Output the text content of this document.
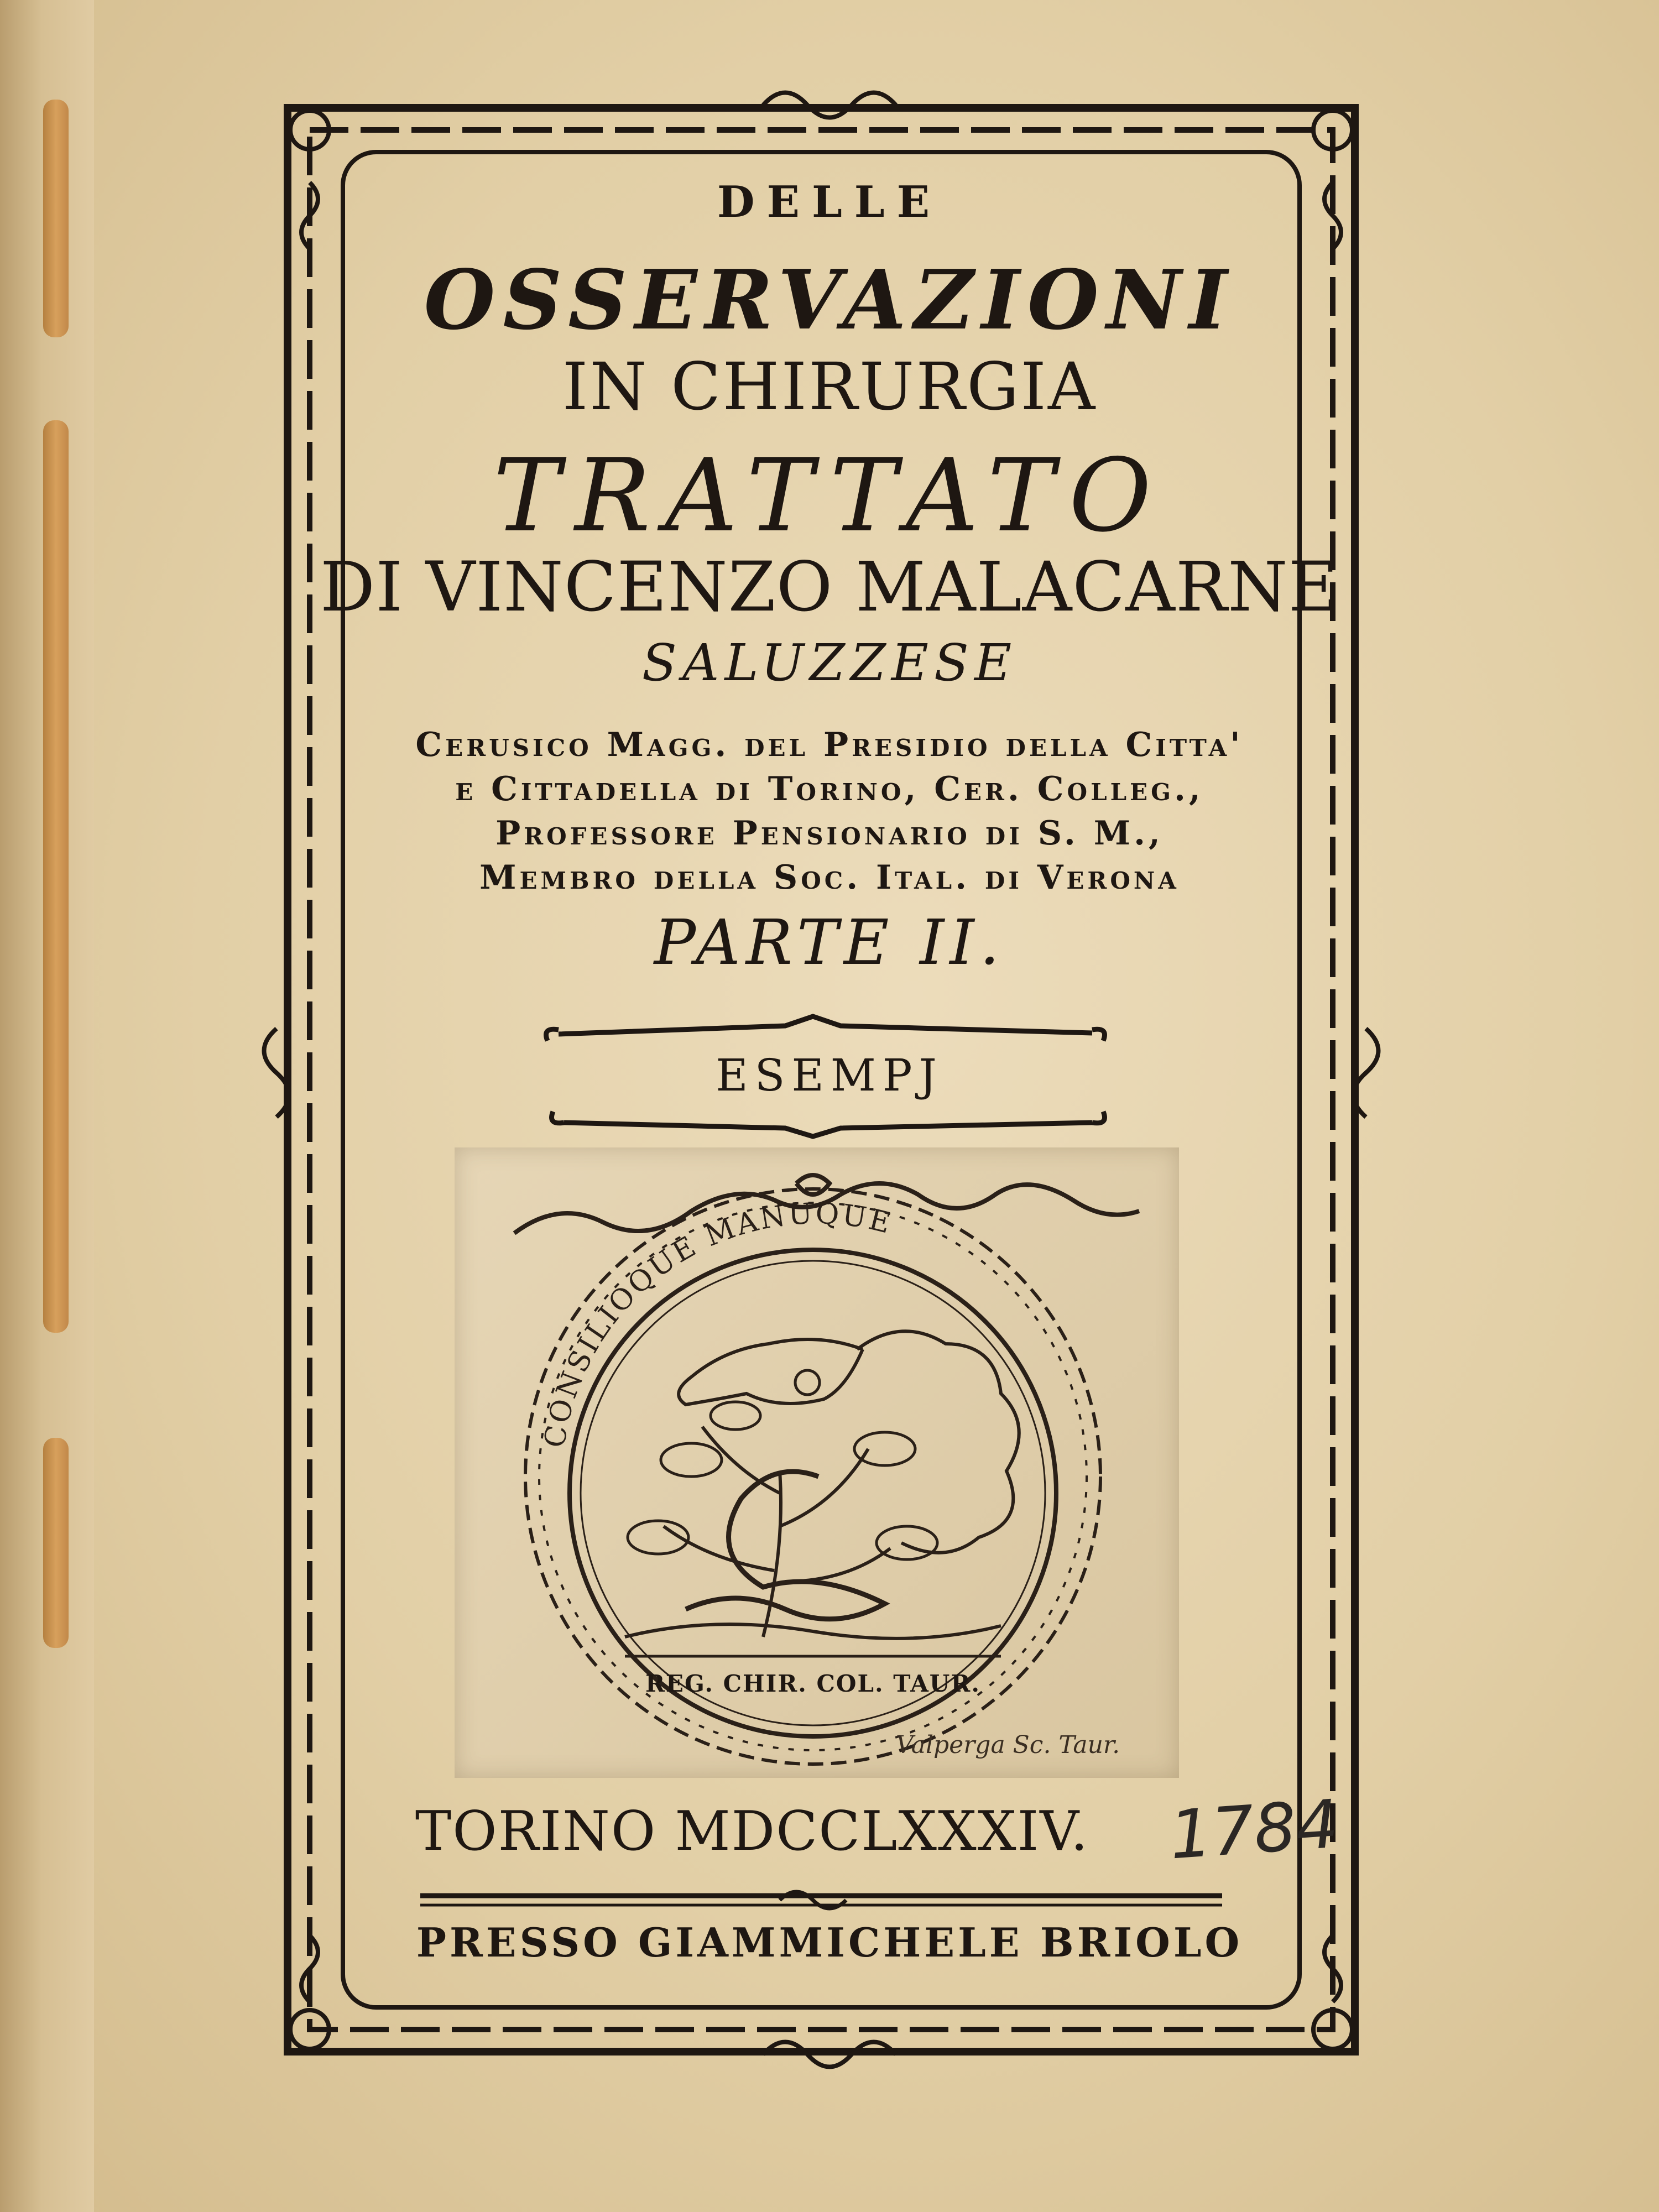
DELLE

OSSERVAZIONI

IN CHIRURGIA

TRATTATO

DI VINCENZO MALACARNE

SALUZZESE

Cerusico Magg. del Presidio della Citta'

e Cittadella di Torino, Cer. Colleg.,

Professore Pensionario di S. M.,

Membro della Soc. Ital. di Verona

PARTE II.

ESEMPJ

CONSILIOQUE MANUQUE
REG. CHIR. COL. TAUR.
Valperga Sc. Taur.

TORINO MDCCLXXXIV.	1784

PRESSO GIAMMICHELE BRIOLO
